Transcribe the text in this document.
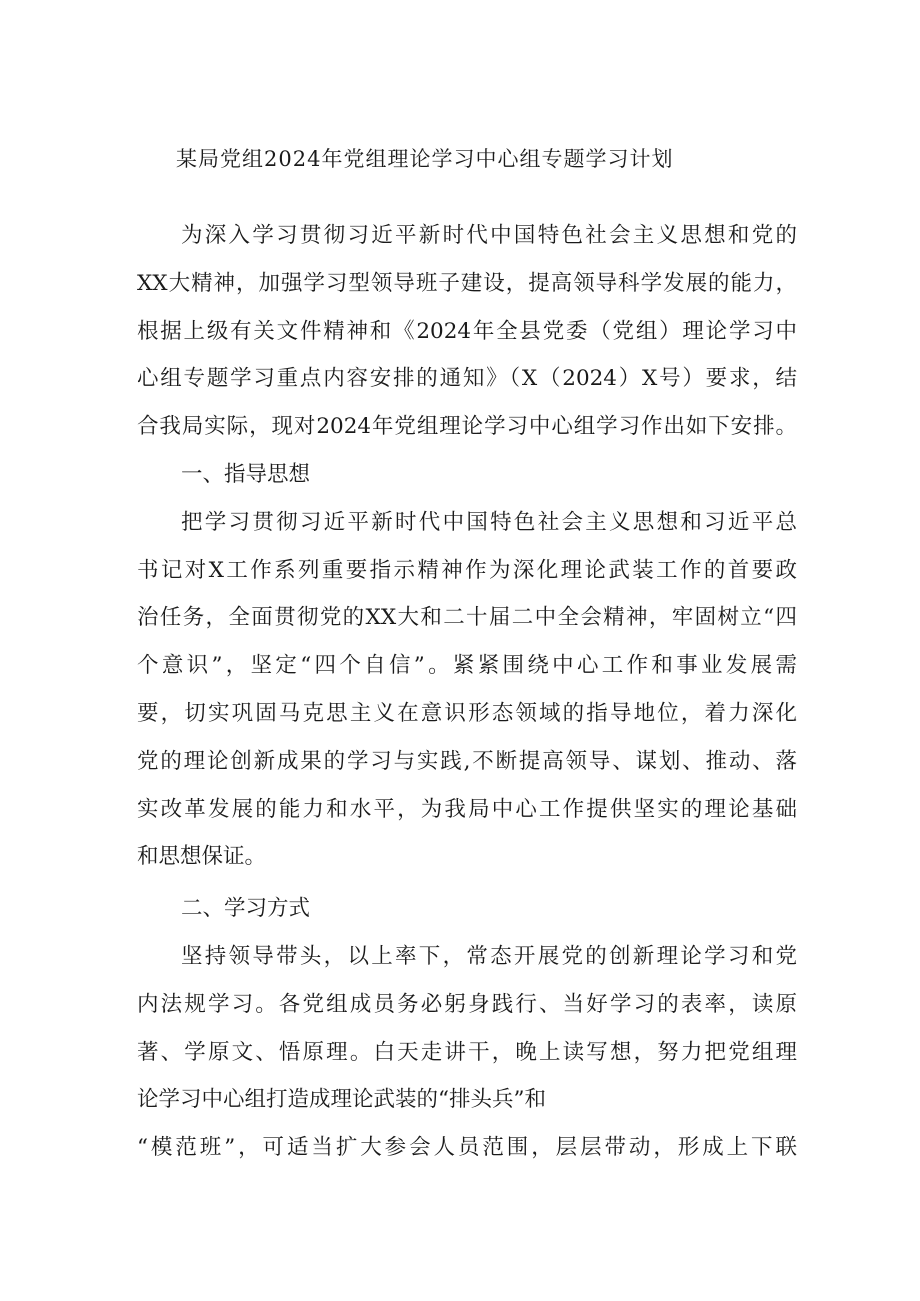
某局党组2024年党组理论学习中心组专题学习计划
为深入学习贯彻习近平新时代中国特色社会主义思想和党的
XX大精神，加强学习型领导班子建设，提高领导科学发展的能力，
根据上级有关文件精神和《2024年全县党委（党组）理论学习中
心组专题学习重点内容安排的通知》（X（2024）X号）要求，结
合我局实际，现对2024年党组理论学习中心组学习作出如下安排。
一、指导思想
把学习贯彻习近平新时代中国特色社会主义思想和习近平总
书记对X工作系列重要指示精神作为深化理论武装工作的首要政
治任务，全面贯彻党的XX大和二十届二中全会精神，牢固树立“四
个意识”，坚定“四个自信”。紧紧围绕中心工作和事业发展需
要，切实巩固马克思主义在意识形态领域的指导地位，着力深化
党的理论创新成果的学习与实践,不断提高领导、谋划、推动、落
实改革发展的能力和水平，为我局中心工作提供坚实的理论基础
和思想保证。
二、学习方式
坚持领导带头，以上率下，常态开展党的创新理论学习和党
内法规学习。各党组成员务必躬身践行、当好学习的表率，读原
著、学原文、悟原理。白天走讲干，晚上读写想，努力把党组理
论学习中心组打造成理论武装的“排头兵”和
“模范班”，可适当扩大参会人员范围，层层带动，形成上下联
